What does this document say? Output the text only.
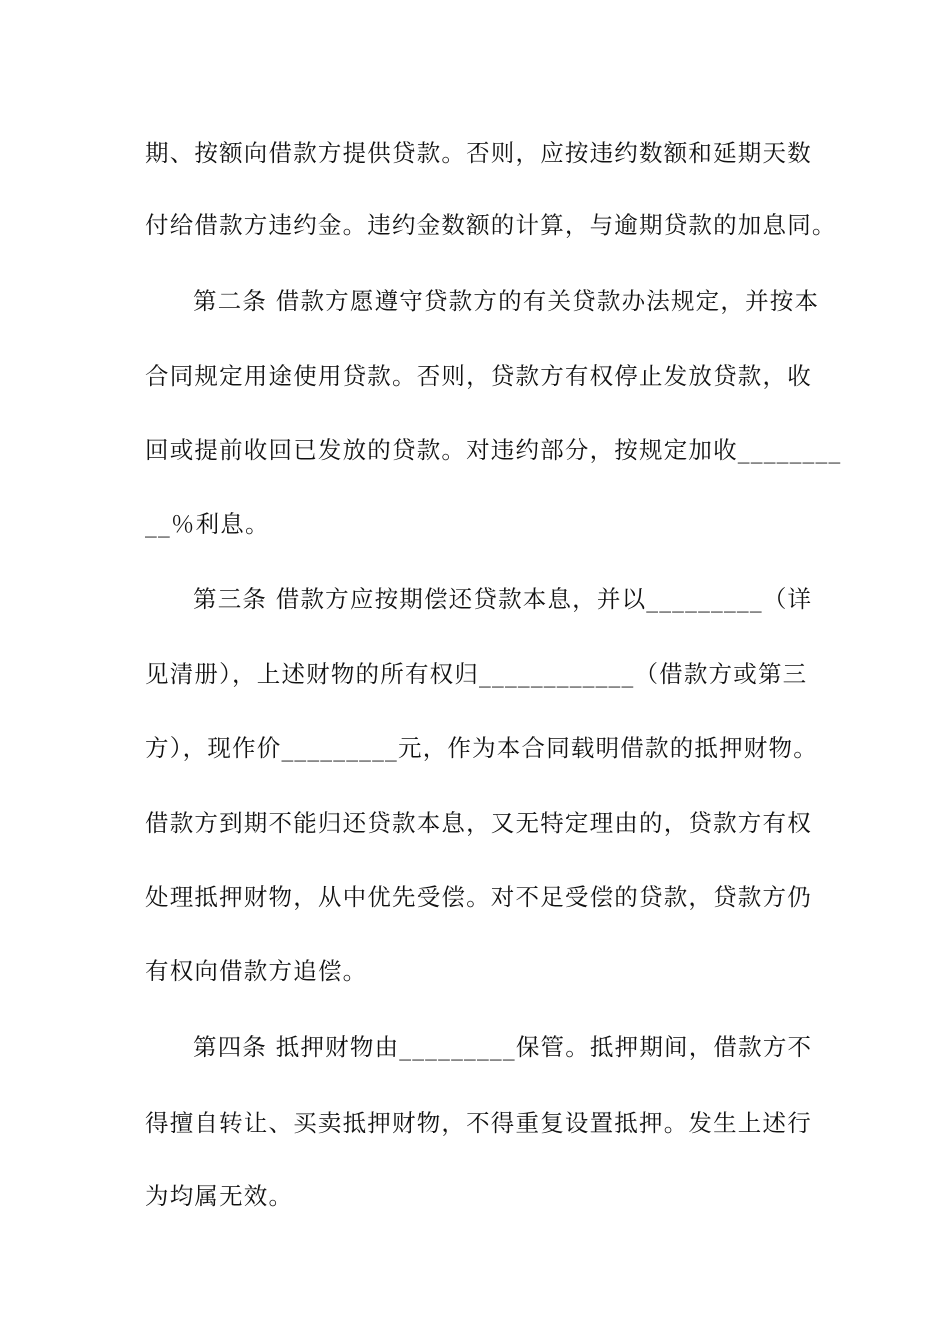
期、按额向借款方提供贷款。否则，应按违约数额和延期天数
付给借款方违约金。违约金数额的计算，与逾期贷款的加息同。
第二条 借款方愿遵守贷款方的有关贷款办法规定，并按本
合同规定用途使用贷款。否则，贷款方有权停止发放贷款，收
回或提前收回已发放的贷款。对违约部分，按规定加收________
__％利息。
第三条 借款方应按期偿还贷款本息，并以_________（详
见清册），上述财物的所有权归____________（借款方或第三
方），现作价_________元，作为本合同载明借款的抵押财物。
借款方到期不能归还贷款本息，又无特定理由的，贷款方有权
处理抵押财物，从中优先受偿。对不足受偿的贷款，贷款方仍
有权向借款方追偿。
第四条 抵押财物由_________保管。抵押期间，借款方不
得擅自转让、买卖抵押财物，不得重复设置抵押。发生上述行
为均属无效。
